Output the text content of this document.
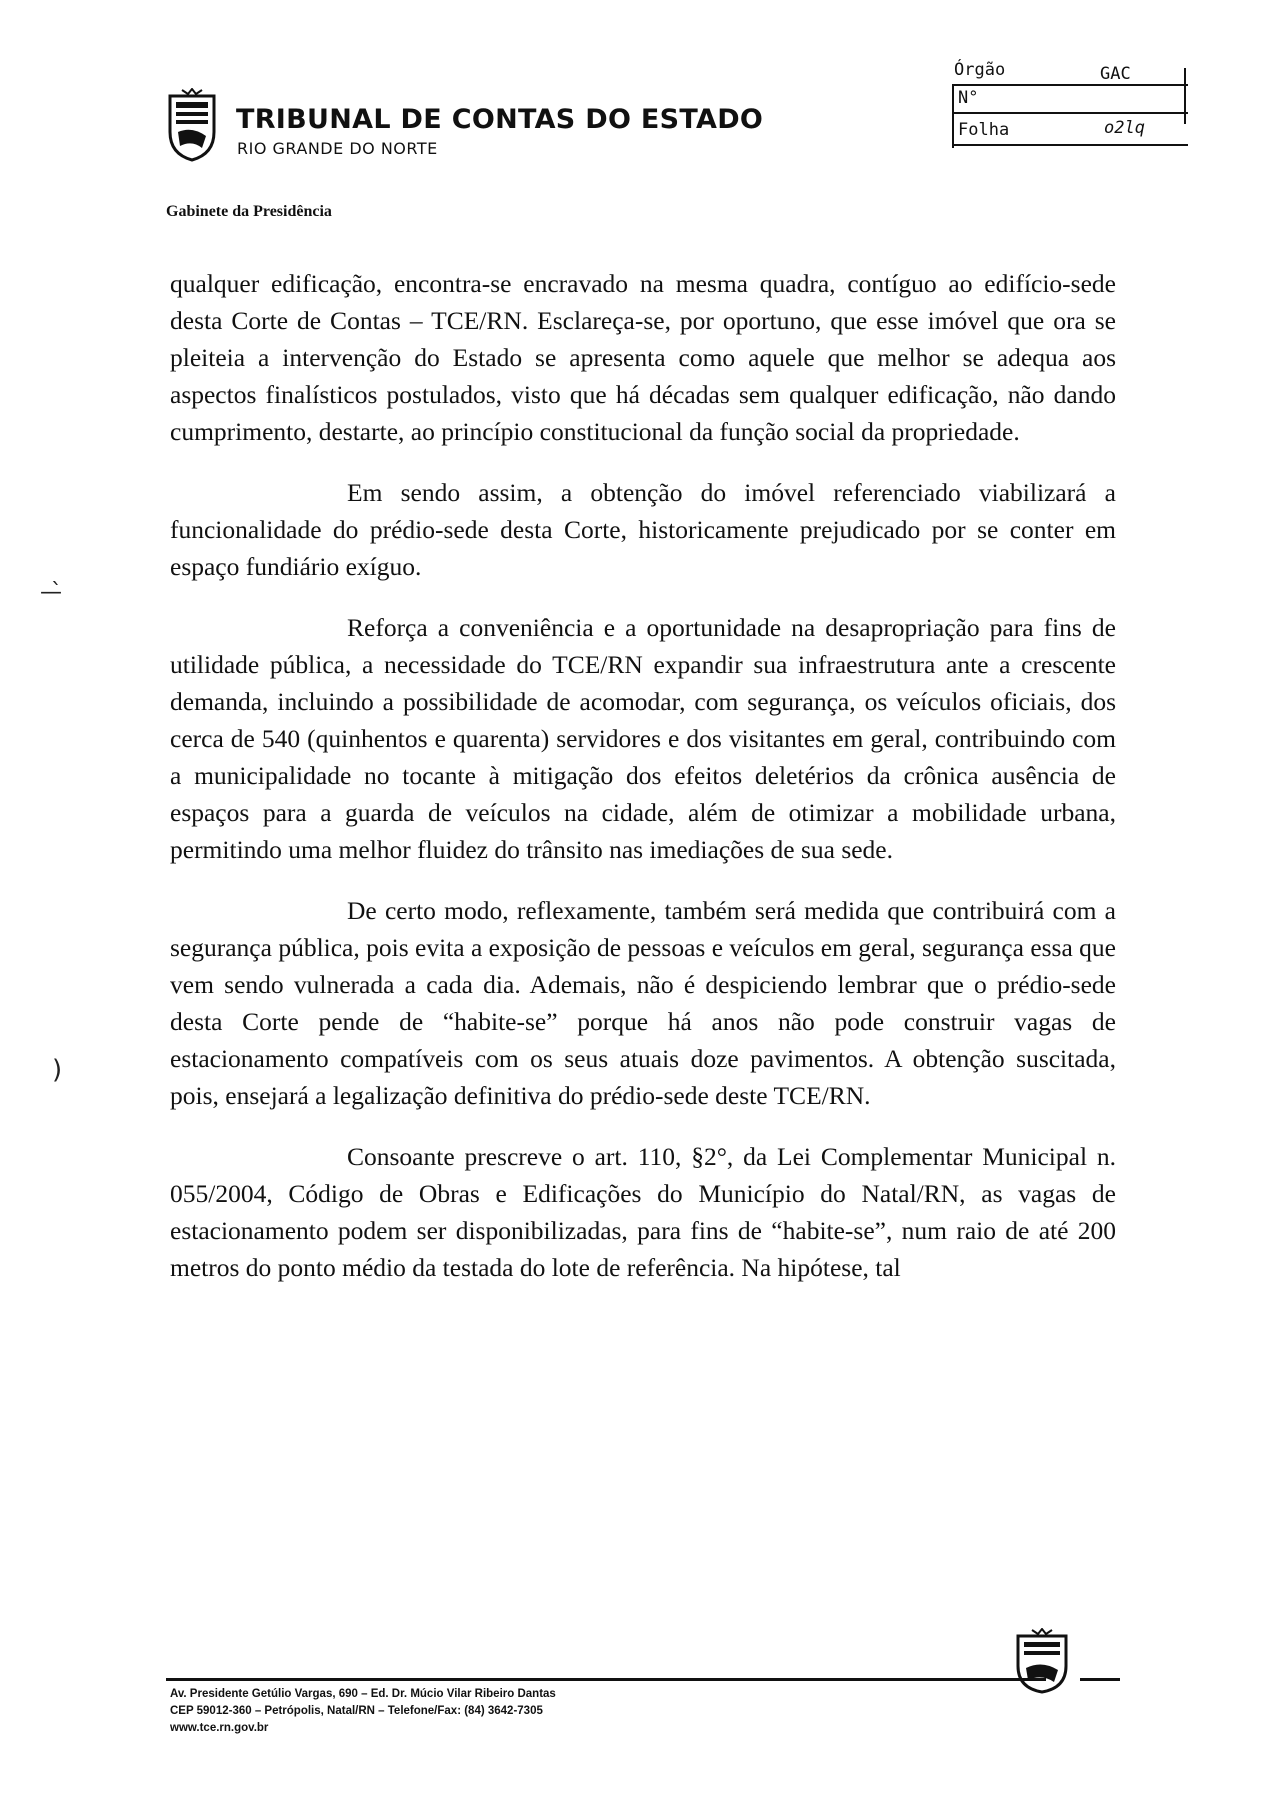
TRIBUNAL DE CONTAS DO ESTADO
RIO GRANDE DO NORTE
Gabinete da Presidência
Órgão	GAC
N°
Folha	o2lq

qualquer edificação, encontra-se encravado na mesma quadra, contíguo ao edifício-sede desta Corte de Contas – TCE/RN. Esclareça-se, por oportuno, que esse imóvel que ora se pleiteia a intervenção do Estado se apresenta como aquele que melhor se adequa aos aspectos finalísticos postulados, visto que há décadas sem qualquer edificação, não dando cumprimento, destarte, ao princípio constitucional da função social da propriedade.

Em sendo assim, a obtenção do imóvel referenciado viabilizará a funcionalidade do prédio-sede desta Corte, historicamente prejudicado por se conter em espaço fundiário exíguo.

Reforça a conveniência e a oportunidade na desapropriação para fins de utilidade pública, a necessidade do TCE/RN expandir sua infraestrutura ante a crescente demanda, incluindo a possibilidade de acomodar, com segurança, os veículos oficiais, dos cerca de 540 (quinhentos e quarenta) servidores e dos visitantes em geral, contribuindo com a municipalidade no tocante à mitigação dos efeitos deletérios da crônica ausência de espaços para a guarda de veículos na cidade, além de otimizar a mobilidade urbana, permitindo uma melhor fluidez do trânsito nas imediações de sua sede.

De certo modo, reflexamente, também será medida que contribuirá com a segurança pública, pois evita a exposição de pessoas e veículos em geral, segurança essa que vem sendo vulnerada a cada dia. Ademais, não é despiciendo lembrar que o prédio-sede desta Corte pende de “habite-se” porque há anos não pode construir vagas de estacionamento compatíveis com os seus atuais doze pavimentos. A obtenção suscitada, pois, ensejará a legalização definitiva do prédio-sede deste TCE/RN.

Consoante prescreve o art. 110, §2°, da Lei Complementar Municipal n. 055/2004, Código de Obras e Edificações do Município do Natal/RN, as vagas de estacionamento podem ser disponibilizadas, para fins de “habite-se”, num raio de até 200 metros do ponto médio da testada do lote de referência. Na hipótese, tal

—̀
)
Av. Presidente Getúlio Vargas, 690 – Ed. Dr. Múcio Vilar Ribeiro Dantas
CEP 59012-360 – Petrópolis, Natal/RN – Telefone/Fax: (84) 3642-7305
www.tce.rn.gov.br
